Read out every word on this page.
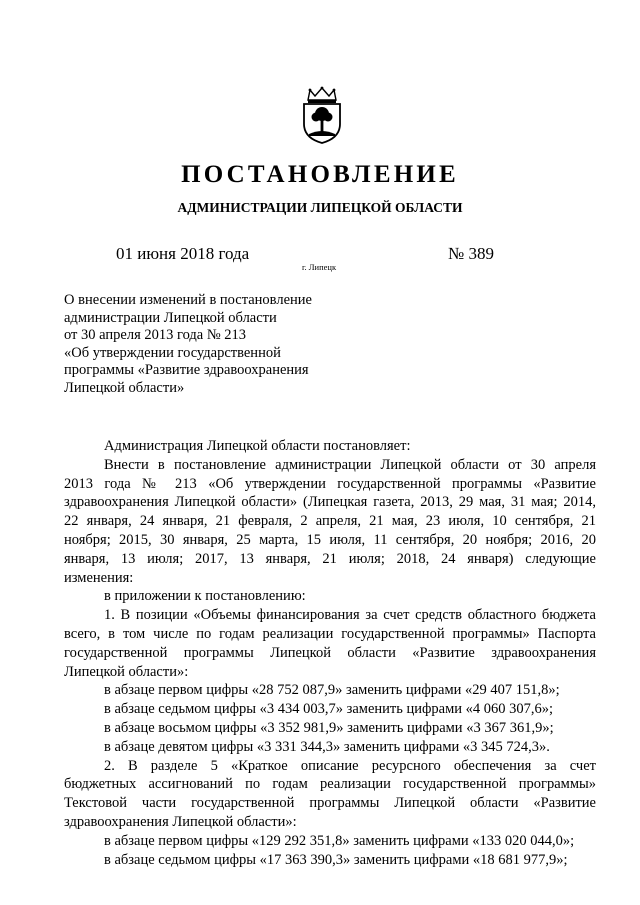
ПОСТАНОВЛЕНИЕ
АДМИНИСТРАЦИИ ЛИПЕЦКОЙ ОБЛАСТИ
01 июня 2018 года
г. Липецк
№ 389
О внесении изменений в постановление
администрации Липецкой области
от 30 апреля 2013 года № 213
«Об утверждении государственной
программы «Развитие здравоохранения
Липецкой области»
Администрация Липецкой области постановляет:
Внести в постановление администрации Липецкой области от 30 апреля
2013 года № 213 «Об утверждении государственной программы «Развитие
здравоохранения Липецкой области» (Липецкая газета, 2013, 29 мая, 31 мая; 2014,
22 января, 24 января, 21 февраля, 2 апреля, 21 мая, 23 июля, 10 сентября, 21
ноября; 2015, 30 января, 25 марта, 15 июля, 11 сентября, 20 ноября; 2016, 20
января, 13 июля; 2017, 13 января, 21 июля; 2018, 24 января) следующие
изменения:
в приложении к постановлению:
1. В позиции «Объемы финансирования за счет средств областного бюджета
всего, в том числе по годам реализации государственной программы» Паспорта
государственной программы Липецкой области «Развитие здравоохранения
Липецкой области»:
в абзаце первом цифры «28 752 087,9» заменить цифрами «29 407 151,8»;
в абзаце седьмом цифры «3 434 003,7» заменить цифрами «4 060 307,6»;
в абзаце восьмом цифры «3 352 981,9» заменить цифрами «3 367 361,9»;
в абзаце девятом цифры «3 331 344,3» заменить цифрами «3 345 724,3».
2. В разделе 5 «Краткое описание ресурсного обеспечения за счет
бюджетных ассигнований по годам реализации государственной программы»
Текстовой части государственной программы Липецкой области «Развитие
здравоохранения Липецкой области»:
в абзаце первом цифры «129 292 351,8» заменить цифрами «133 020 044,0»;
в абзаце седьмом цифры «17 363 390,3» заменить цифрами «18 681 977,9»;
